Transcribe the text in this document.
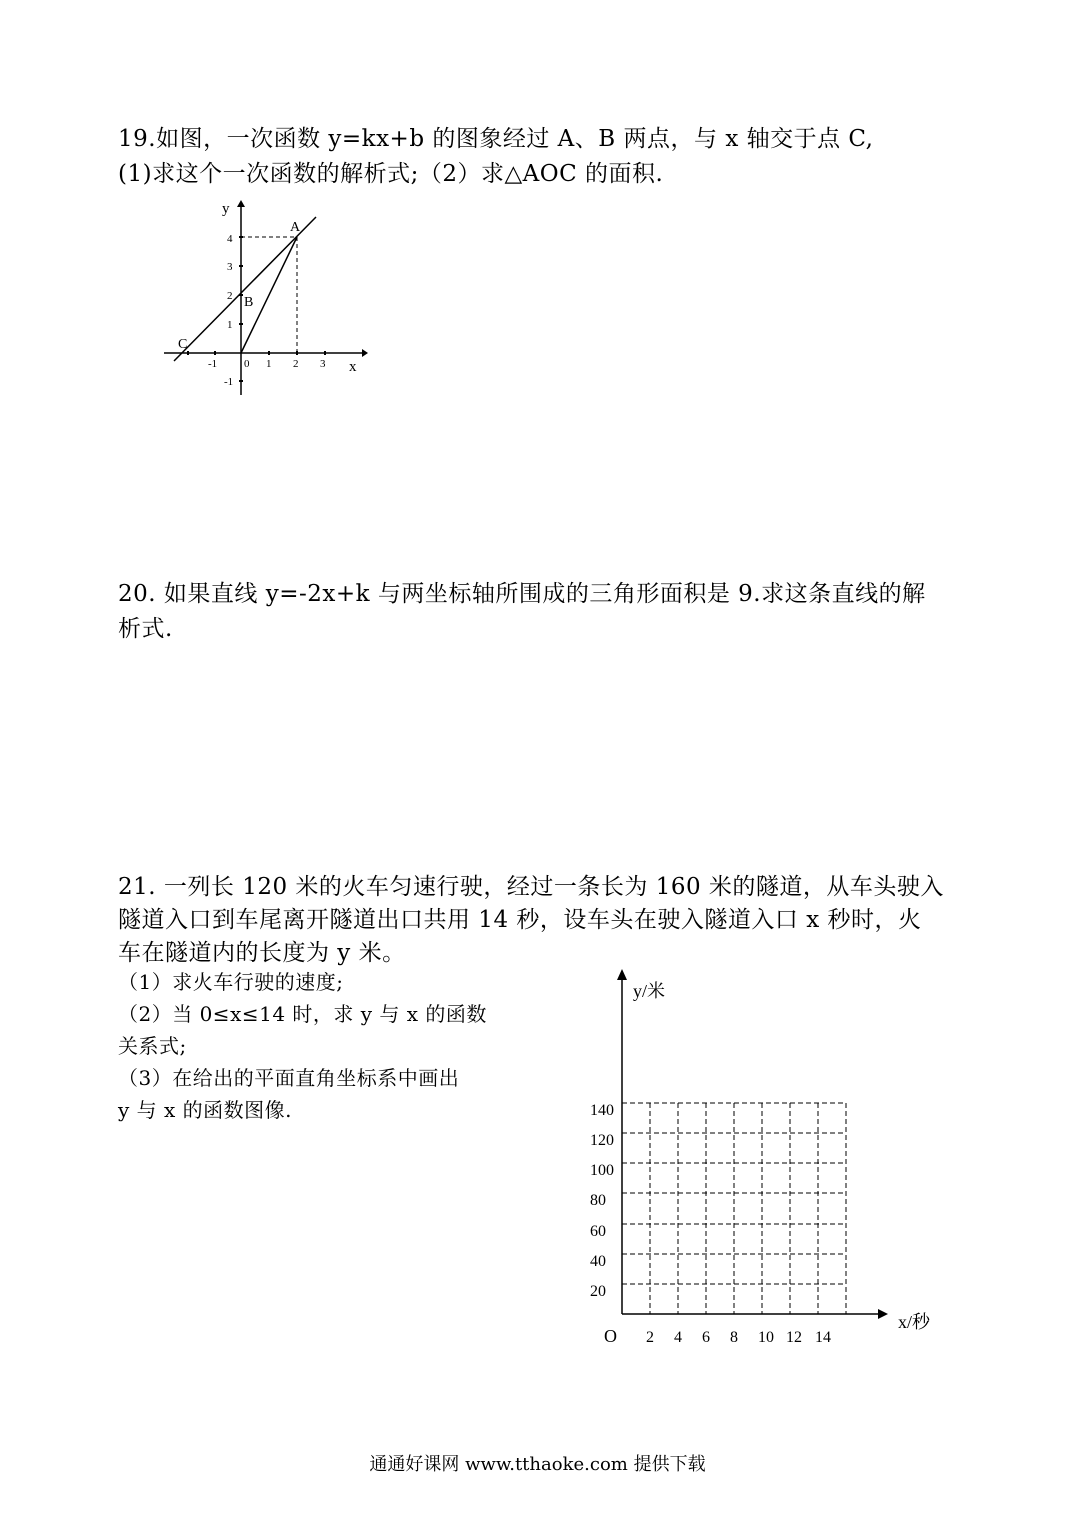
19.如图，一次函数 y=kx+b 的图象经过 A、B 两点，与 x 轴交于点 C,
(1)求这个一次函数的解析式;（2）求△AOC 的面积.
y
x
0
-1	1 2 3
4
3
2
1
-1
A
B
C
20. 如果直线 y=-2x+k 与两坐标轴所围成的三角形面积是 9.求这条直线的解
析式.
21. 一列长 120 米的火车匀速行驶，经过一条长为 160 米的隧道，从车头驶入
隧道入口到车尾离开隧道出口共用 14 秒，设车头在驶入隧道入口 x 秒时，火
车在隧道内的长度为 y 米。
（1）求火车行驶的速度;
（2）当 0≤x≤14 时，求 y 与 x 的函数
关系式;
（3）在给出的平面直角坐标系中画出
y 与 x 的函数图像.
y/米
x/秒
O 2 4 6 8 10 12 14
140
120
100
80
60
40
20
通通好课网 www.tthaoke.com 提供下载
